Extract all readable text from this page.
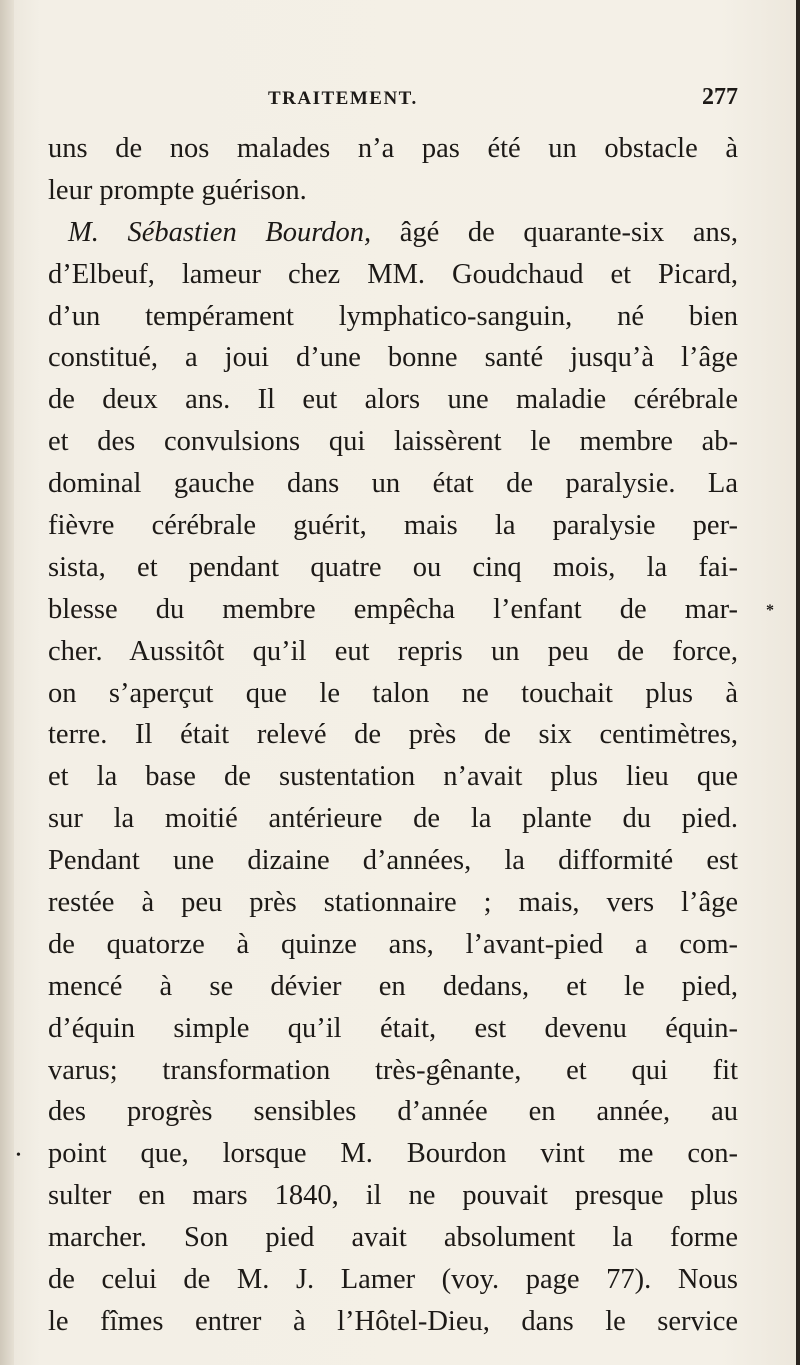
TRAITEMENT.	277
uns de nos malades n’a pas été un obstacle à
leur prompte guérison.
M. Sébastien Bourdon, âgé de quarante-six ans,
d’Elbeuf, lameur chez MM. Goudchaud et Picard,
d’un tempérament lymphatico-sanguin, né bien
constitué, a joui d’une bonne santé jusqu’à l’âge
de deux ans. Il eut alors une maladie cérébrale
et des convulsions qui laissèrent le membre ab-
dominal gauche dans un état de paralysie. La
fièvre cérébrale guérit, mais la paralysie per-
sista, et pendant quatre ou cinq mois, la fai-
blesse du membre empêcha l’enfant de mar-
cher. Aussitôt qu’il eut repris un peu de force,
on s’aperçut que le talon ne touchait plus à
terre. Il était relevé de près de six centimètres,
et la base de sustentation n’avait plus lieu que
sur la moitié antérieure de la plante du pied.
Pendant une dizaine d’années, la difformité est
restée à peu près stationnaire ; mais, vers l’âge
de quatorze à quinze ans, l’avant-pied a com-
mencé à se dévier en dedans, et le pied,
d’équin simple qu’il était, est devenu équin-
varus; transformation très-gênante, et qui fit
des progrès sensibles d’année en année, au
point que, lorsque M. Bourdon vint me con-
sulter en mars 1840, il ne pouvait presque plus
marcher. Son pied avait absolument la forme
de celui de M. J. Lamer (voy. page 77). Nous
le fîmes entrer à l’Hôtel-Dieu, dans le service
*
•
